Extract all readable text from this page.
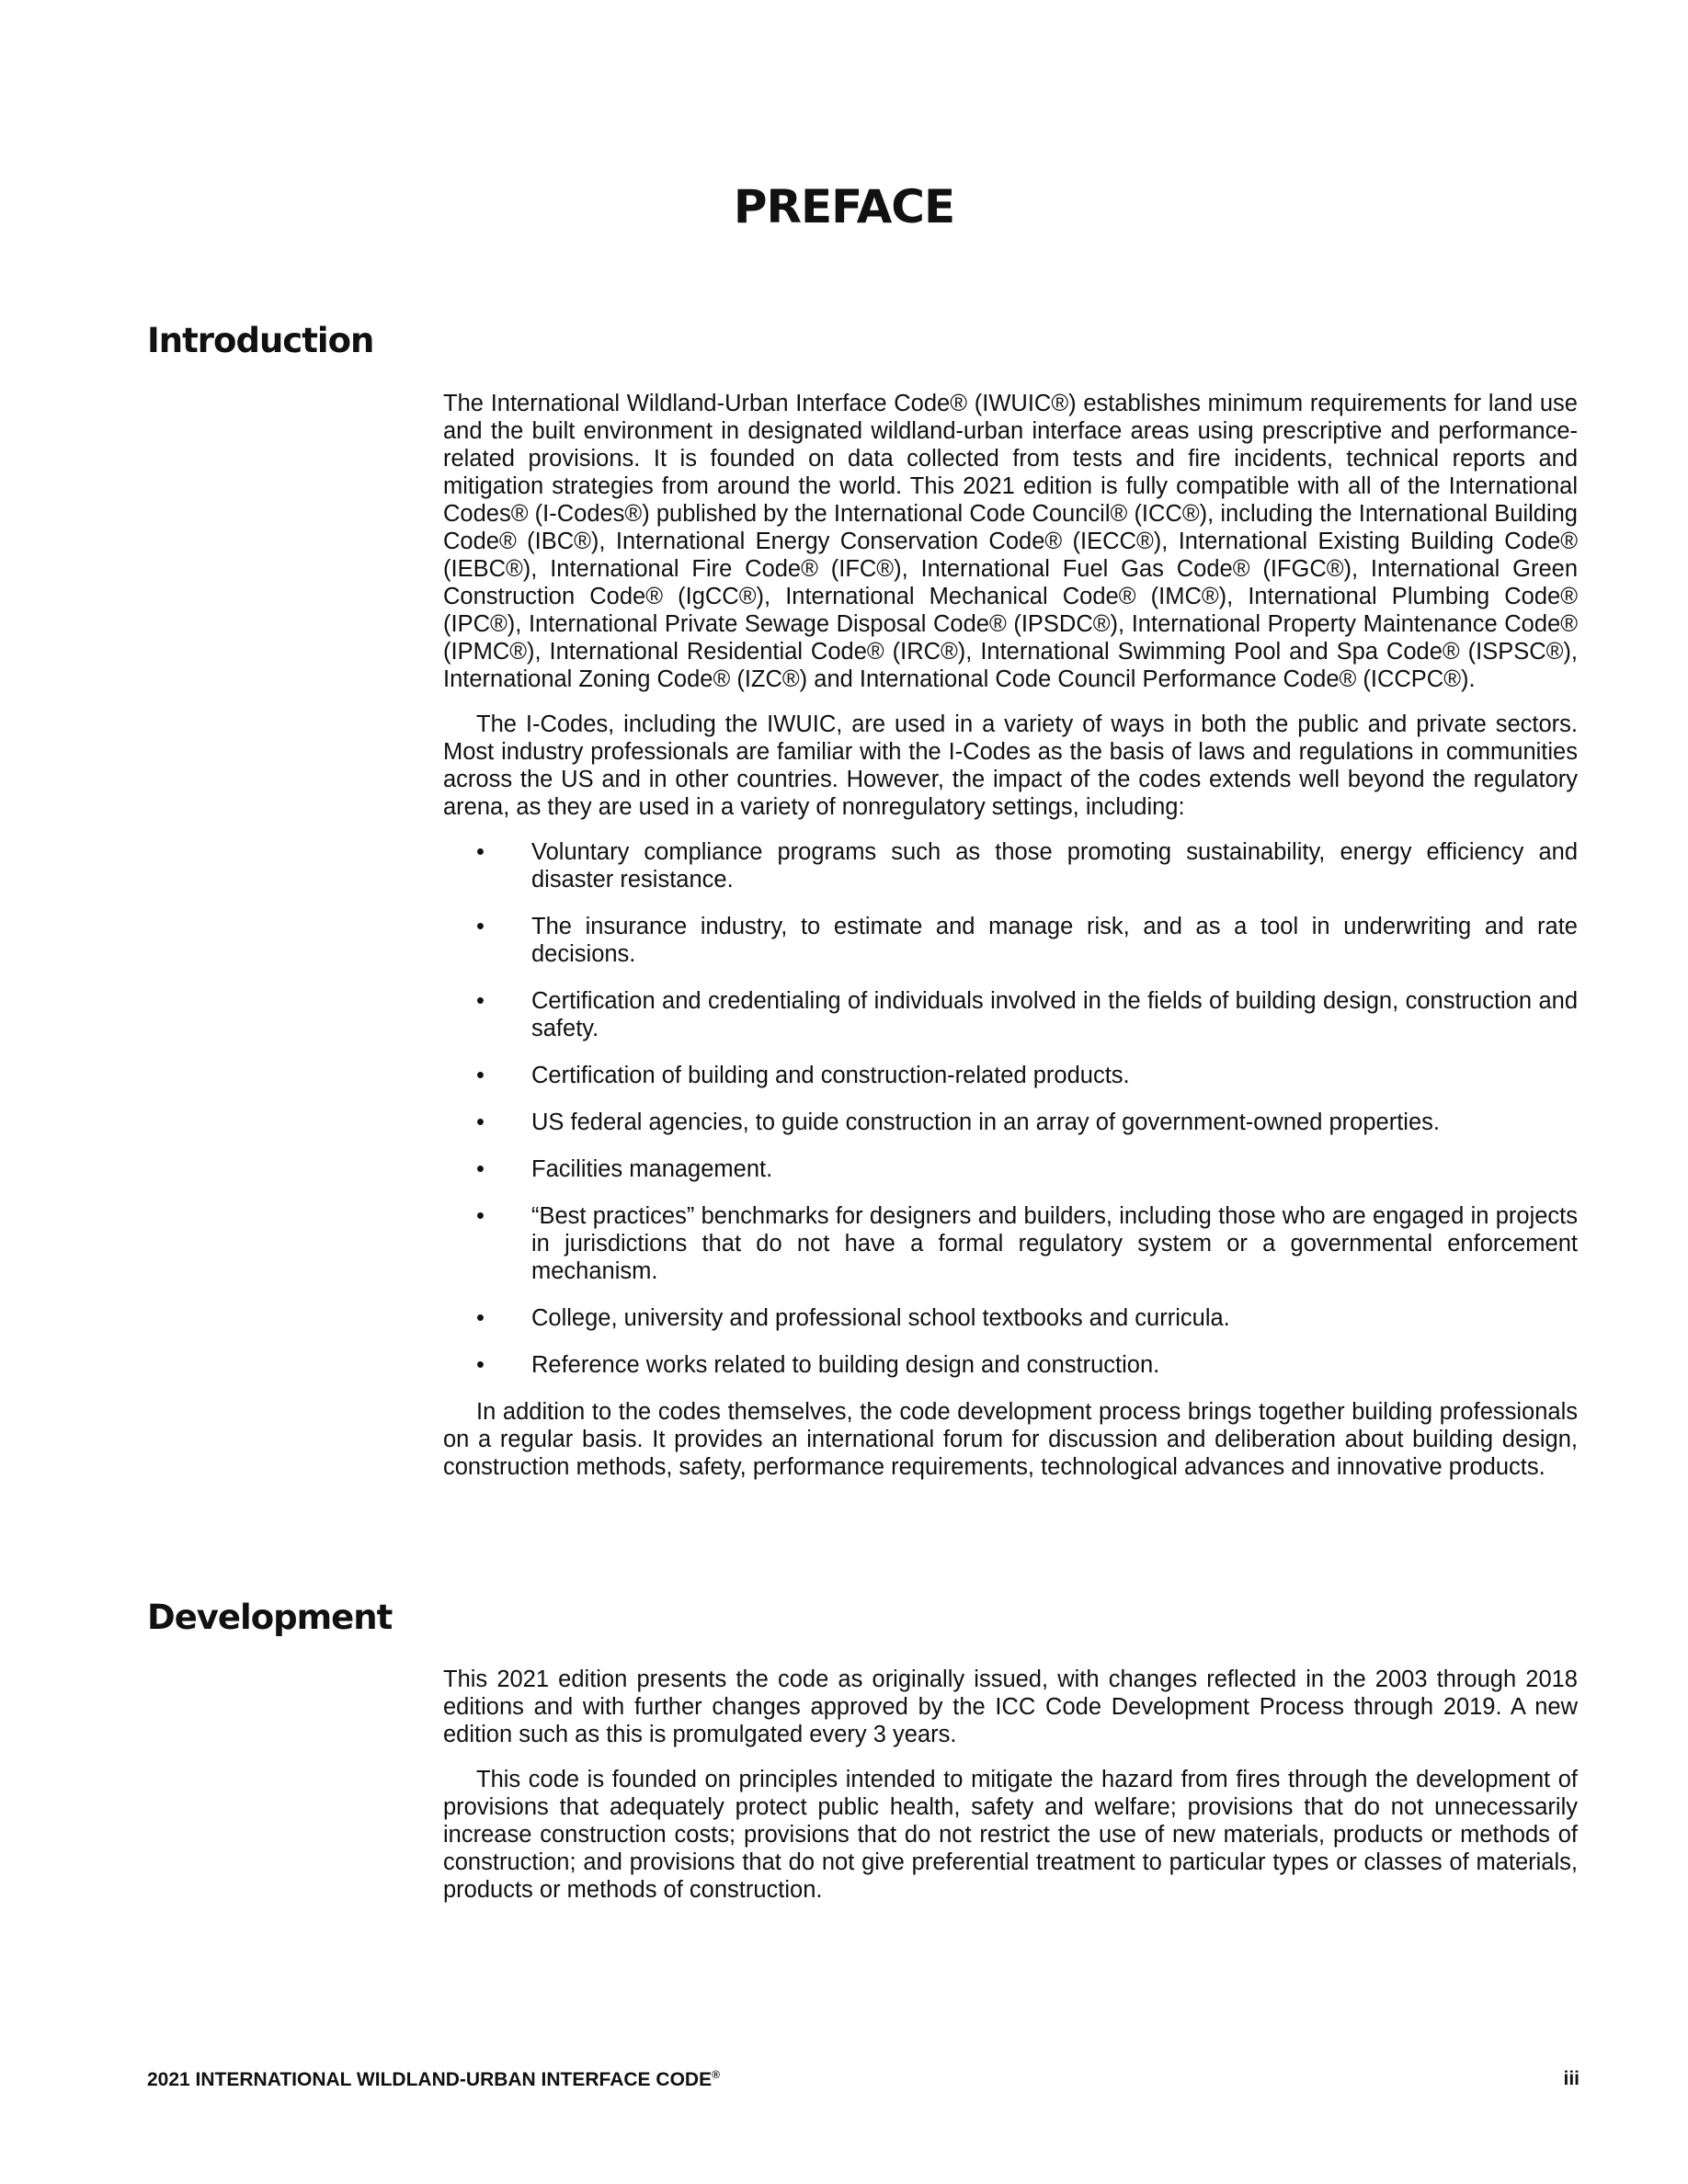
PREFACE
Introduction

The International Wildland-Urban Interface Code® (IWUIC®) establishes minimum requirements for land use and the built environment in designated wildland-urban interface areas using prescriptive and performance-related provisions. It is founded on data collected from tests and fire incidents, technical reports and mitigation strategies from around the world. This 2021 edition is fully compatible with all of the International Codes® (I-Codes®) published by the International Code Council® (ICC®), including the International Building Code® (IBC®), International Energy Conservation Code® (IECC®), International Existing Building Code® (IEBC®), International Fire Code® (IFC®), International Fuel Gas Code® (IFGC®), International Green Construction Code® (IgCC®), International Mechanical Code® (IMC®), International Plumbing Code® (IPC®), International Private Sewage Disposal Code® (IPSDC®), International Property Maintenance Code® (IPMC®), International Residential Code® (IRC®), International Swimming Pool and Spa Code® (ISPSC®), International Zoning Code® (IZC®) and International Code Council Performance Code® (ICCPC®).

The I-Codes, including the IWUIC, are used in a variety of ways in both the public and private sectors. Most industry professionals are familiar with the I-Codes as the basis of laws and regulations in communities across the US and in other countries. However, the impact of the codes extends well beyond the regulatory arena, as they are used in a variety of nonregulatory settings, including:

• Voluntary compliance programs such as those promoting sustainability, energy efficiency and disaster resistance.
• The insurance industry, to estimate and manage risk, and as a tool in underwriting and rate decisions.
• Certification and credentialing of individuals involved in the fields of building design, construction and safety.
• Certification of building and construction-related products.
• US federal agencies, to guide construction in an array of government-owned properties.
• Facilities management.
• “Best practices” benchmarks for designers and builders, including those who are engaged in projects in jurisdictions that do not have a formal regulatory system or a governmental enforcement mechanism.
• College, university and professional school textbooks and curricula.
• Reference works related to building design and construction.

In addition to the codes themselves, the code development process brings together building professionals on a regular basis. It provides an international forum for discussion and deliberation about building design, construction methods, safety, performance requirements, technological advances and innovative products.

Development

This 2021 edition presents the code as originally issued, with changes reflected in the 2003 through 2018 editions and with further changes approved by the ICC Code Development Process through 2019. A new edition such as this is promulgated every 3 years.

This code is founded on principles intended to mitigate the hazard from fires through the development of provisions that adequately protect public health, safety and welfare; provisions that do not unnecessarily increase construction costs; provisions that do not restrict the use of new materials, products or methods of construction; and provisions that do not give preferential treatment to particular types or classes of materials, products or methods of construction.

2021 INTERNATIONAL WILDLAND-URBAN INTERFACE CODE®	iii
